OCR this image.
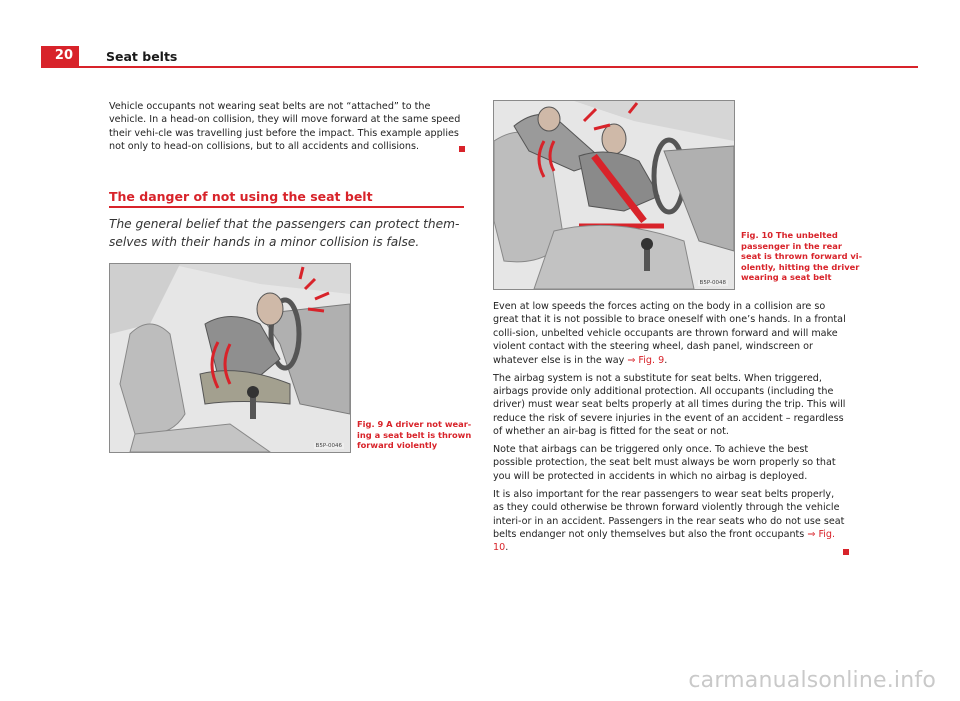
20	Seat belts

Vehicle occupants not wearing seat belts are not “attached” to the vehicle. In a head-on collision, they will move forward at the same speed their vehi-cle was travelling just before the impact. This example applies not only to head-on collisions, but to all accidents and collisions.

The danger of not using the seat belt
The general belief that the passengers can protect them-selves with their hands in a minor collision is false.
B5P-0046
Fig. 9 A driver not wear-
ing a seat belt is thrown
forward violently
B5P-0048
Fig. 10 The unbelted
passenger in the rear
seat is thrown forward vi-
olently, hitting the driver
wearing a seat belt

Even at low speeds the forces acting on the body in a collision are so great that it is not possible to brace oneself with one’s hands. In a frontal colli-sion, unbelted vehicle occupants are thrown forward and will make violent contact with the steering wheel, dash panel, windscreen or whatever else is in the way ⇒ Fig. 9.

The airbag system is not a substitute for seat belts. When triggered, airbags provide only additional protection. All occupants (including the driver) must wear seat belts properly at all times during the trip. This will reduce the risk of severe injuries in the event of an accident – regardless of whether an air-bag is fitted for the seat or not.

Note that airbags can be triggered only once. To achieve the best possible protection, the seat belt must always be worn properly so that you will be protected in accidents in which no airbag is deployed.

It is also important for the rear passengers to wear seat belts properly, as they could otherwise be thrown forward violently through the vehicle interi-or in an accident. Passengers in the rear seats who do not use seat belts endanger not only themselves but also the front occupants ⇒ Fig. 10.

carmanualsonline.info
